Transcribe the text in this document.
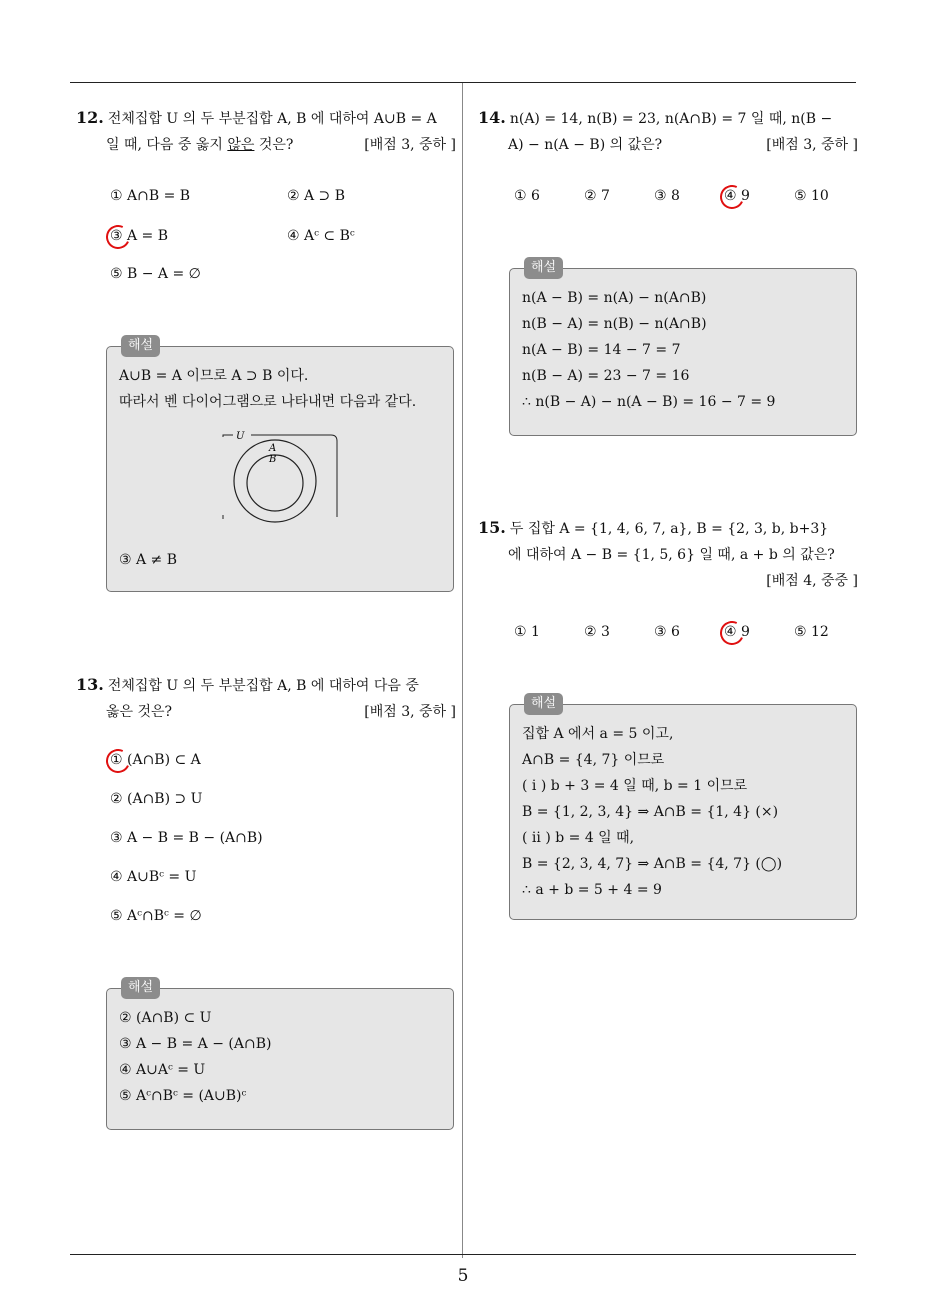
12. 전체집합 U 의 두 부분집합 A, B 에 대하여 A∪B = A
일 때, 다음 중 옳지 않은 것은?	[배점 3, 중하 ]
① A∩B = B	② A ⊃ B
③ A = B	④ Aᶜ ⊂ Bᶜ
⑤ B − A = ∅
해설
A∪B = A 이므로 A ⊃ B 이다.
따라서 벤 다이어그램으로 나타내면 다음과 같다.
U
A
B
③ A ≠ B
13. 전체집합 U 의 두 부분집합 A, B 에 대하여 다음 중
옳은 것은?	[배점 3, 중하 ]
① (A∩B) ⊂ A
② (A∩B) ⊃ U
③ A − B = B − (A∩B)
④ A∪Bᶜ = U
⑤ Aᶜ∩Bᶜ = ∅
해설
② (A∩B) ⊂ U
③ A − B = A − (A∩B)
④ A∪Aᶜ = U
⑤ Aᶜ∩Bᶜ = (A∪B)ᶜ
14. n(A) = 14, n(B) = 23, n(A∩B) = 7 일 때, n(B −
A) − n(A − B) 의 값은?	[배점 3, 중하 ]
① 6	② 7	③ 8	④ 9	⑤ 10
해설
n(A − B) = n(A) − n(A∩B)
n(B − A) = n(B) − n(A∩B)
n(A − B) = 14 − 7 = 7
n(B − A) = 23 − 7 = 16
∴ n(B − A) − n(A − B) = 16 − 7 = 9
15. 두 집합 A = {1, 4, 6, 7, a}, B = {2, 3, b, b+3}
에 대하여 A − B = {1, 5, 6} 일 때, a + b 의 값은?
[배점 4, 중중 ]
① 1	② 3	③ 6	④ 9	⑤ 12
해설
집합 A 에서 a = 5 이고,
A∩B = {4, 7} 이므로
( i ) b + 3 = 4 일 때, b = 1 이므로
B = {1, 2, 3, 4} ⇒ A∩B = {1, 4} (×)
( ii ) b = 4 일 때,
B = {2, 3, 4, 7} ⇒ A∩B = {4, 7} (◯)
∴ a + b = 5 + 4 = 9
5
